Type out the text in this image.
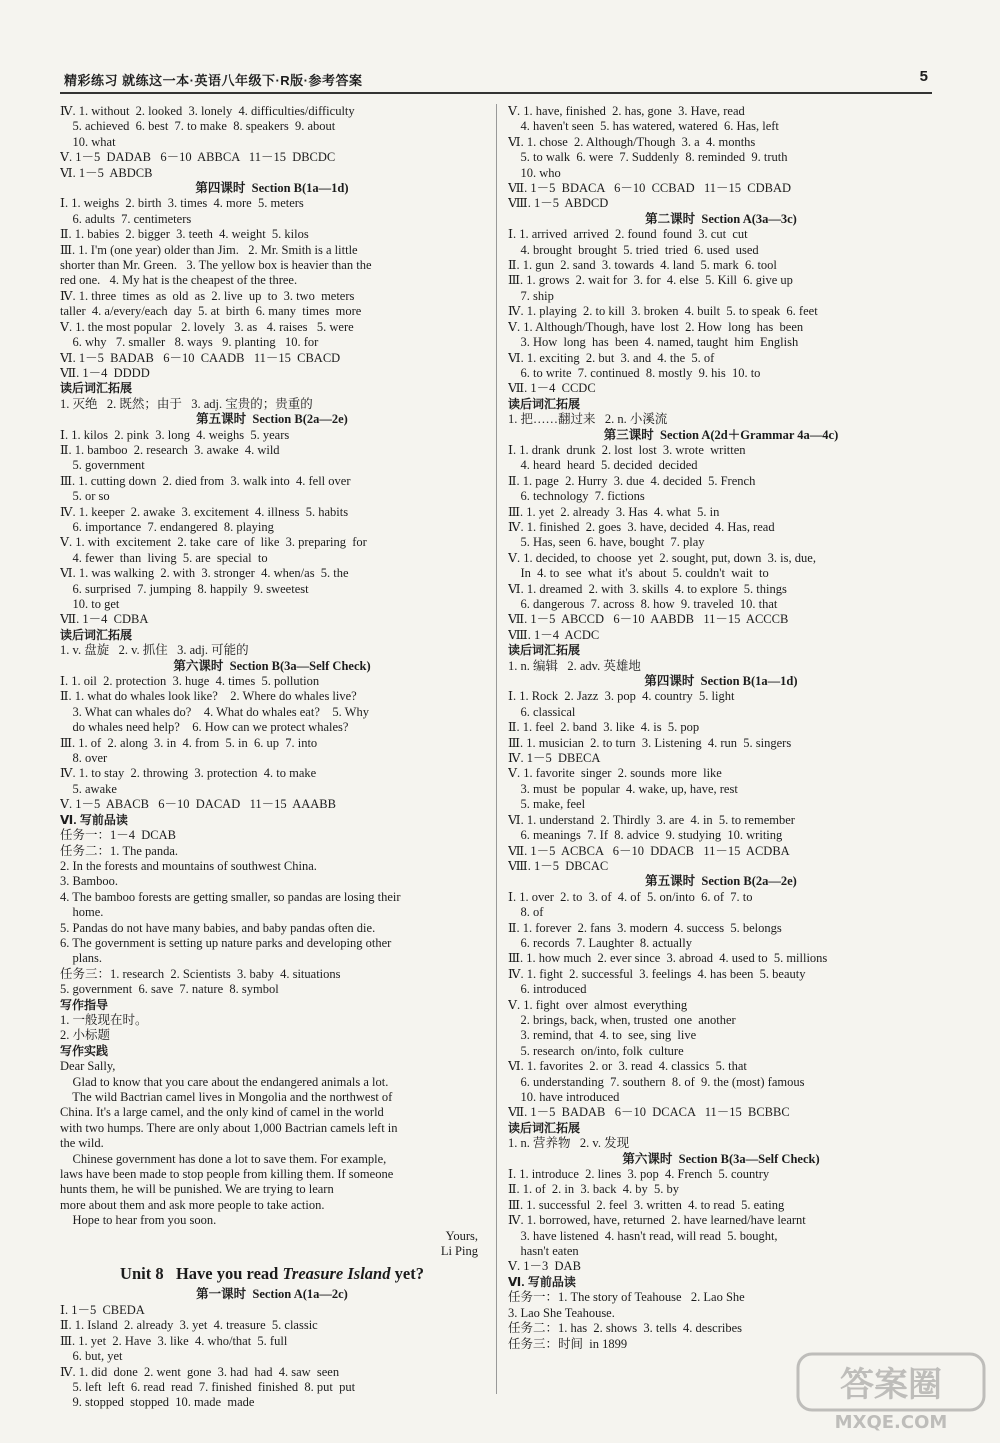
精彩练习 就练这一本·英语八年级下·R版·参考答案	5
Ⅳ. 1. without  2. looked  3. lonely  4. difficulties/difficulty
5. achieved  6. best  7. to make  8. speakers  9. about
10. what
Ⅴ. 1－5  DADAB   6－10  ABBCA   11－15  DBCDC
Ⅵ. 1－5  ABDCB
第四课时  Section B(1a—1d)
Ⅰ. 1. weighs  2. birth  3. times  4. more  5. meters
6. adults  7. centimeters
Ⅱ. 1. babies  2. bigger  3. teeth  4. weight  5. kilos
Ⅲ. 1. I'm (one year) older than Jim.   2. Mr. Smith is a little
shorter than Mr. Green.   3. The yellow box is heavier than the
red one.   4. My hat is the cheapest of the three.
Ⅳ. 1. three  times  as  old  as  2. live  up  to  3. two  meters
taller  4. a/every/each  day  5. at  birth  6. many  times  more
Ⅴ. 1. the most popular   2. lovely   3. as   4. raises   5. were
6. why   7. smaller   8. ways   9. planting   10. for
Ⅵ. 1－5  BADAB   6－10  CAADB   11－15  CBACD
Ⅶ. 1－4  DDDD
读后词汇拓展
1. 灭绝   2. 既然；由于   3. adj. 宝贵的；贵重的
第五课时  Section B(2a—2e)
Ⅰ. 1. kilos  2. pink  3. long  4. weighs  5. years
Ⅱ. 1. bamboo  2. research  3. awake  4. wild
5. government
Ⅲ. 1. cutting down  2. died from  3. walk into  4. fell over
5. or so
Ⅳ. 1. keeper  2. awake  3. excitement  4. illness  5. habits
6. importance  7. endangered  8. playing
Ⅴ. 1. with  excitement  2. take  care  of  like  3. preparing  for
4. fewer  than  living  5. are  special  to
Ⅵ. 1. was walking  2. with  3. stronger  4. when/as  5. the
6. surprised  7. jumping  8. happily  9. sweetest
10. to get
Ⅶ. 1－4  CDBA
读后词汇拓展
1. v. 盘旋   2. v. 抓住   3. adj. 可能的
第六课时  Section B(3a—Self Check)
Ⅰ. 1. oil  2. protection  3. huge  4. times  5. pollution
Ⅱ. 1. what do whales look like?    2. Where do whales live?
3. What can whales do?    4. What do whales eat?    5. Why
do whales need help?    6. How can we protect whales?
Ⅲ. 1. of  2. along  3. in  4. from  5. in  6. up  7. into
8. over
Ⅳ. 1. to stay  2. throwing  3. protection  4. to make
5. awake
Ⅴ. 1－5  ABACB   6－10  DACAD   11－15  AAABB
Ⅵ. 写前品读
任务一：1－4  DCAB
任务二：1. The panda.
2. In the forests and mountains of southwest China.
3. Bamboo.
4. The bamboo forests are getting smaller, so pandas are losing their
home.
5. Pandas do not have many babies, and baby pandas often die.
6. The government is setting up nature parks and developing other
plans.
任务三：1. research  2. Scientists  3. baby  4. situations
5. government  6. save  7. nature  8. symbol
写作指导
1. 一般现在时。
2. 小标题
写作实践
Dear Sally,
Glad to know that you care about the endangered animals a lot.
The wild Bactrian camel lives in Mongolia and the northwest of
China. It's a large camel, and the only kind of camel in the world
with two humps. There are only about 1,000 Bactrian camels left in
the wild.
Chinese government has done a lot to save them. For example,
laws have been made to stop people from killing them. If someone
hunts them, he will be punished. We are trying to learn
more about them and ask more people to take action.
Hope to hear from you soon.
Yours,
Li Ping
Unit 8   Have you read Treasure Island yet?
第一课时  Section A(1a—2c)
Ⅰ. 1－5  CBEDA
Ⅱ. 1. Island  2. already  3. yet  4. treasure  5. classic
Ⅲ. 1. yet  2. Have  3. like  4. who/that  5. full
6. but, yet
Ⅳ. 1. did  done  2. went  gone  3. had  had  4. saw  seen
5. left  left  6. read  read  7. finished  finished  8. put  put
9. stopped  stopped  10. made  made
Ⅴ. 1. have, finished  2. has, gone  3. Have, read
4. haven't seen  5. has watered, watered  6. Has, left
Ⅵ. 1. chose  2. Although/Though  3. a  4. months
5. to walk  6. were  7. Suddenly  8. reminded  9. truth
10. who
Ⅶ. 1－5  BDACA   6－10  CCBAD   11－15  CDBAD
Ⅷ. 1－5  ABDCD
第二课时  Section A(3a—3c)
Ⅰ. 1. arrived  arrived  2. found  found  3. cut  cut
4. brought  brought  5. tried  tried  6. used  used
Ⅱ. 1. gun  2. sand  3. towards  4. land  5. mark  6. tool
Ⅲ. 1. grows  2. wait for  3. for  4. else  5. Kill  6. give up
7. ship
Ⅳ. 1. playing  2. to kill  3. broken  4. built  5. to speak  6. feet
Ⅴ. 1. Although/Though, have  lost  2. How  long  has  been
3. How  long  has  been  4. named, taught  him  English
Ⅵ. 1. exciting  2. but  3. and  4. the  5. of
6. to write  7. continued  8. mostly  9. his  10. to
Ⅶ. 1－4  CCDC
读后词汇拓展
1. 把……翻过来   2. n. 小溪流
第三课时  Section A(2d＋Grammar 4a—4c)
Ⅰ. 1. drank  drunk  2. lost  lost  3. wrote  written
4. heard  heard  5. decided  decided
Ⅱ. 1. page  2. Hurry  3. due  4. decided  5. French
6. technology  7. fictions
Ⅲ. 1. yet  2. already  3. Has  4. what  5. in
Ⅳ. 1. finished  2. goes  3. have, decided  4. Has, read
5. Has, seen  6. have, bought  7. play
Ⅴ. 1. decided, to  choose  yet  2. sought, put, down  3. is, due,
In  4. to  see  what  it's  about  5. couldn't  wait  to
Ⅵ. 1. dreamed  2. with  3. skills  4. to explore  5. things
6. dangerous  7. across  8. how  9. traveled  10. that
Ⅶ. 1－5  ABCCD   6－10  AABDB   11－15  ACCCB
Ⅷ. 1－4  ACDC
读后词汇拓展
1. n. 编辑   2. adv. 英雄地
第四课时  Section B(1a—1d)
Ⅰ. 1. Rock  2. Jazz  3. pop  4. country  5. light
6. classical
Ⅱ. 1. feel  2. band  3. like  4. is  5. pop
Ⅲ. 1. musician  2. to turn  3. Listening  4. run  5. singers
Ⅳ. 1－5  DBECA
Ⅴ. 1. favorite  singer  2. sounds  more  like
3. must  be  popular  4. wake, up, have, rest
5. make, feel
Ⅵ. 1. understand  2. Thirdly  3. are  4. in  5. to remember
6. meanings  7. If  8. advice  9. studying  10. writing
Ⅶ. 1－5  ACBCA   6－10  DDACB   11－15  ACDBA
Ⅷ. 1－5  DBCAC
第五课时  Section B(2a—2e)
Ⅰ. 1. over  2. to  3. of  4. of  5. on/into  6. of  7. to
8. of
Ⅱ. 1. forever  2. fans  3. modern  4. success  5. belongs
6. records  7. Laughter  8. actually
Ⅲ. 1. how much  2. ever since  3. abroad  4. used to  5. millions
Ⅳ. 1. fight  2. successful  3. feelings  4. has been  5. beauty
6. introduced
Ⅴ. 1. fight  over  almost  everything
2. brings, back, when, trusted  one  another
3. remind, that  4. to  see, sing  live
5. research  on/into, folk  culture
Ⅵ. 1. favorites  2. or  3. read  4. classics  5. that
6. understanding  7. southern  8. of  9. the (most) famous
10. have introduced
Ⅶ. 1－5  BADAB   6－10  DCACA   11－15  BCBBC
读后词汇拓展
1. n. 营养物   2. v. 发现
第六课时  Section B(3a—Self Check)
Ⅰ. 1. introduce  2. lines  3. pop  4. French  5. country
Ⅱ. 1. of  2. in  3. back  4. by  5. by
Ⅲ. 1. successful  2. feel  3. written  4. to read  5. eating
Ⅳ. 1. borrowed, have, returned  2. have learned/have learnt
3. have listened  4. hasn't read, will read  5. bought,
hasn't eaten
Ⅴ. 1－3  DAB
Ⅵ. 写前品读
任务一：1. The story of Teahouse   2. Lao She
3. Lao She Teahouse.
任务二：1. has  2. shows  3. tells  4. describes
任务三：时间  in 1899
答案圈
MXQE.COM
